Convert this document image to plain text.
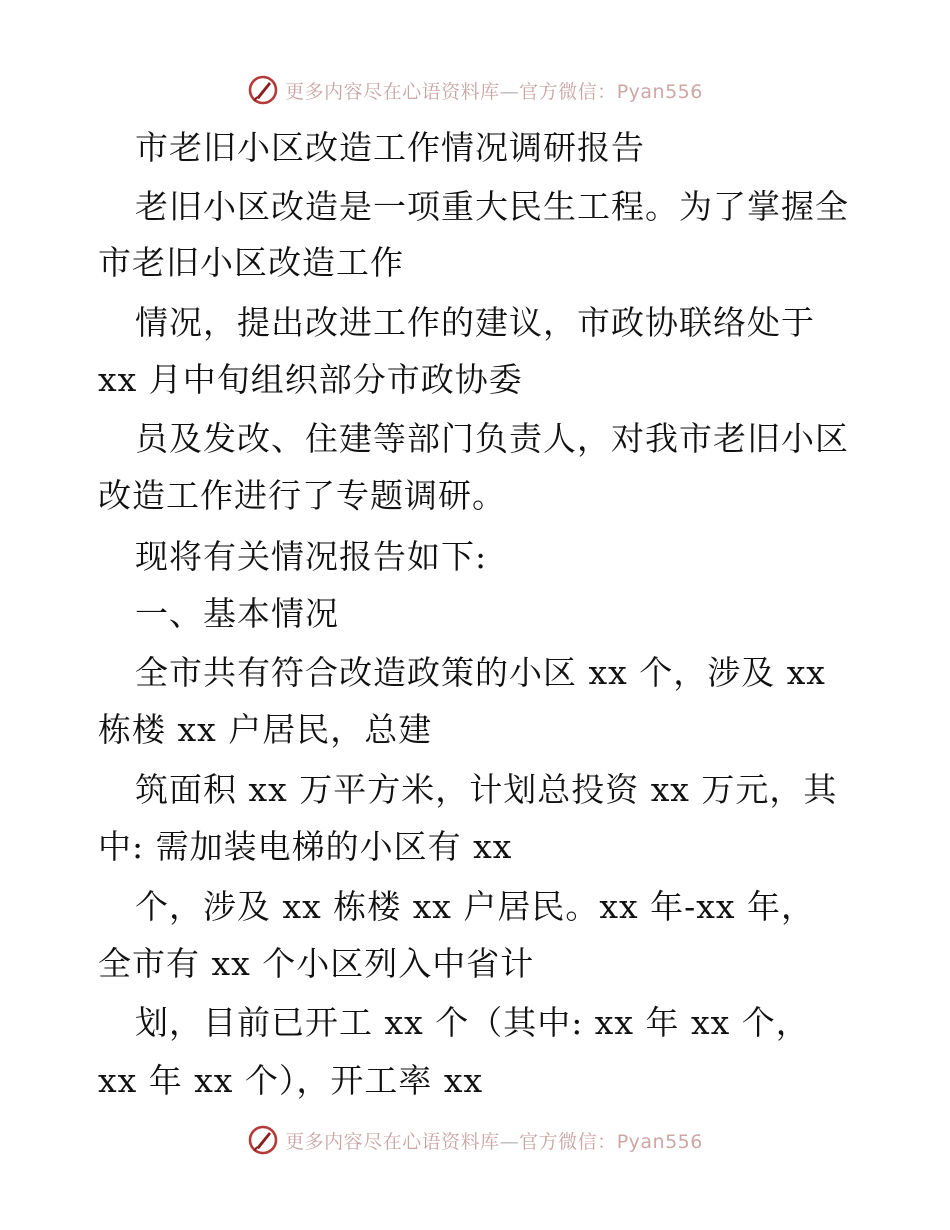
更多内容尽在心语资料库—官方微信：Pyan556
市老旧小区改造工作情况调研报告
老旧小区改造是一项重大民生工程。为了掌握全
市老旧小区改造工作
情况，提出改进工作的建议，市政协联络处于
xx 月中旬组织部分市政协委
员及发改、住建等部门负责人，对我市老旧小区
改造工作进行了专题调研。
现将有关情况报告如下:
一、基本情况
全市共有符合改造政策的小区 xx 个，涉及 xx
栋楼 xx 户居民，总建
筑面积 xx 万平方米，计划总投资 xx 万元，其
中: 需加装电梯的小区有 xx
个，涉及 xx 栋楼 xx 户居民。xx 年-xx 年，
全市有 xx 个小区列入中省计
划，目前已开工 xx 个（其中: xx 年 xx 个，
xx 年 xx 个），开工率 xx
更多内容尽在心语资料库—官方微信：Pyan556
